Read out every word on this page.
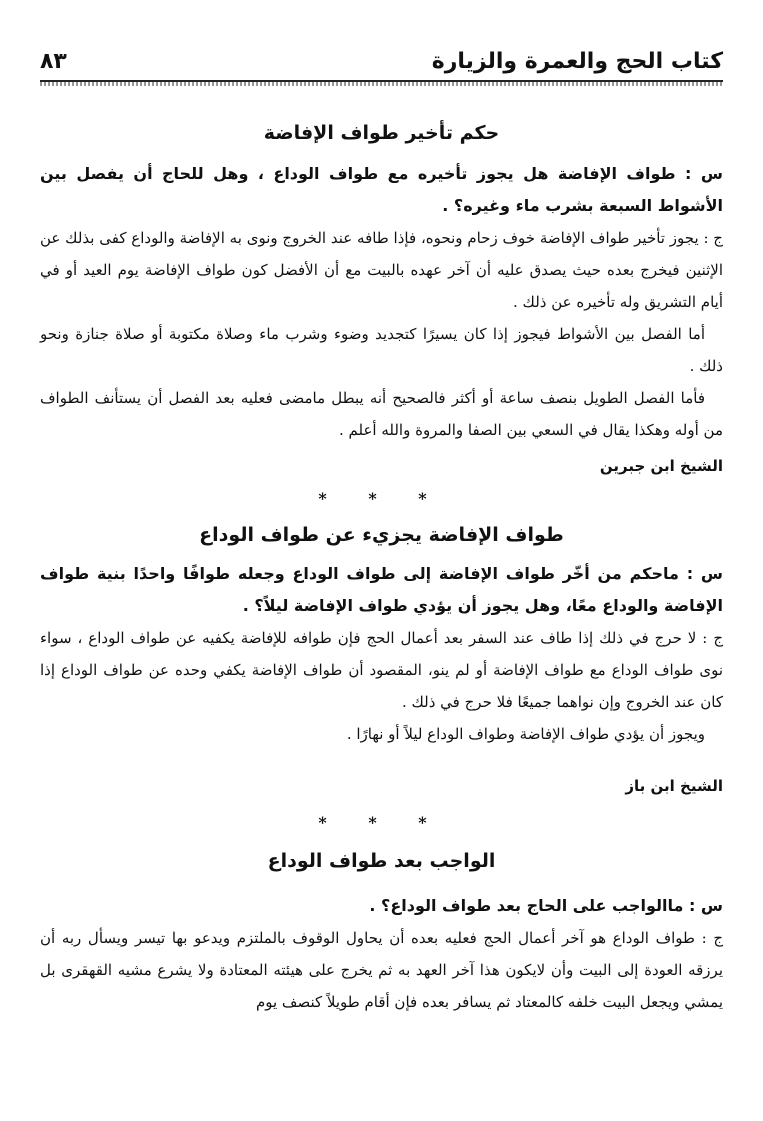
كتاب الحج والعمرة والزيارة
٨٣
حكم تأخير طواف الإفاضة

س : طواف الإفاضة هل يجوز تأخيره مع طواف الوداع ، وهل للحاج أن يفصل بين الأشواط السبعة بشرب ماء وغيره؟ .

ج : يجوز تأخير طواف الإفاضة خوف زحام ونحوه، فإذا طافه عند الخروج ونوى به الإفاضة والوداع كفى بذلك عن الإثنين فيخرج بعده حيث يصدق عليه أن آخر عهده بالبيت مع أن الأفضل كون طواف الإفاضة يوم العيد أو في أيام التشريق وله تأخيره عن ذلك .

أما الفصل بين الأشواط فيجوز إذا كان يسيرًا كتجديد وضوء وشرب ماء وصلاة مكتوبة أو صلاة جنازة ونحو ذلك .

فأما الفصل الطويل بنصف ساعة أو أكثر فالصحيح أنه يبطل مامضى فعليه بعد الفصل أن يستأنف الطواف من أوله وهكذا يقال في السعي بين الصفا والمروة والله أعلم .

الشيخ ابن جبرين

* * *

طواف الإفاضة يجزيء عن طواف الوداع

س : ماحكم من أخّر طواف الإفاضة إلى طواف الوداع وجعله طوافًا واحدًا بنية طواف الإفاضة والوداع معًا، وهل يجوز أن يؤدي طواف الإفاضة ليلاً؟ .

ج : لا حرج في ذلك إذا طاف عند السفر بعد أعمال الحج فإن طوافه للإفاضة يكفيه عن طواف الوداع ، سواء نوى طواف الوداع مع طواف الإفاضة أو لم ينو، المقصود أن طواف الإفاضة يكفي وحده عن طواف الوداع إذا كان عند الخروج وإن نواهما جميعًا فلا حرج في ذلك .

ويجوز أن يؤدي طواف الإفاضة وطواف الوداع ليلاً أو نهارًا .

الشيخ ابن باز

* * *

الواجب بعد طواف الوداع

س : ماالواجب على الحاج بعد طواف الوداع؟ .

ج : طواف الوداع هو آخر أعمال الحج فعليه بعده أن يحاول الوقوف بالملتزم ويدعو بها تيسر ويسأل ربه أن يرزقه العودة إلى البيت وأن لايكون هذا آخر العهد به ثم يخرج على هيئته المعتادة ولا يشرع مشيه القهقرى بل يمشي ويجعل البيت خلفه كالمعتاد ثم يسافر بعده فإن أقام طويلاً كنصف يوم
